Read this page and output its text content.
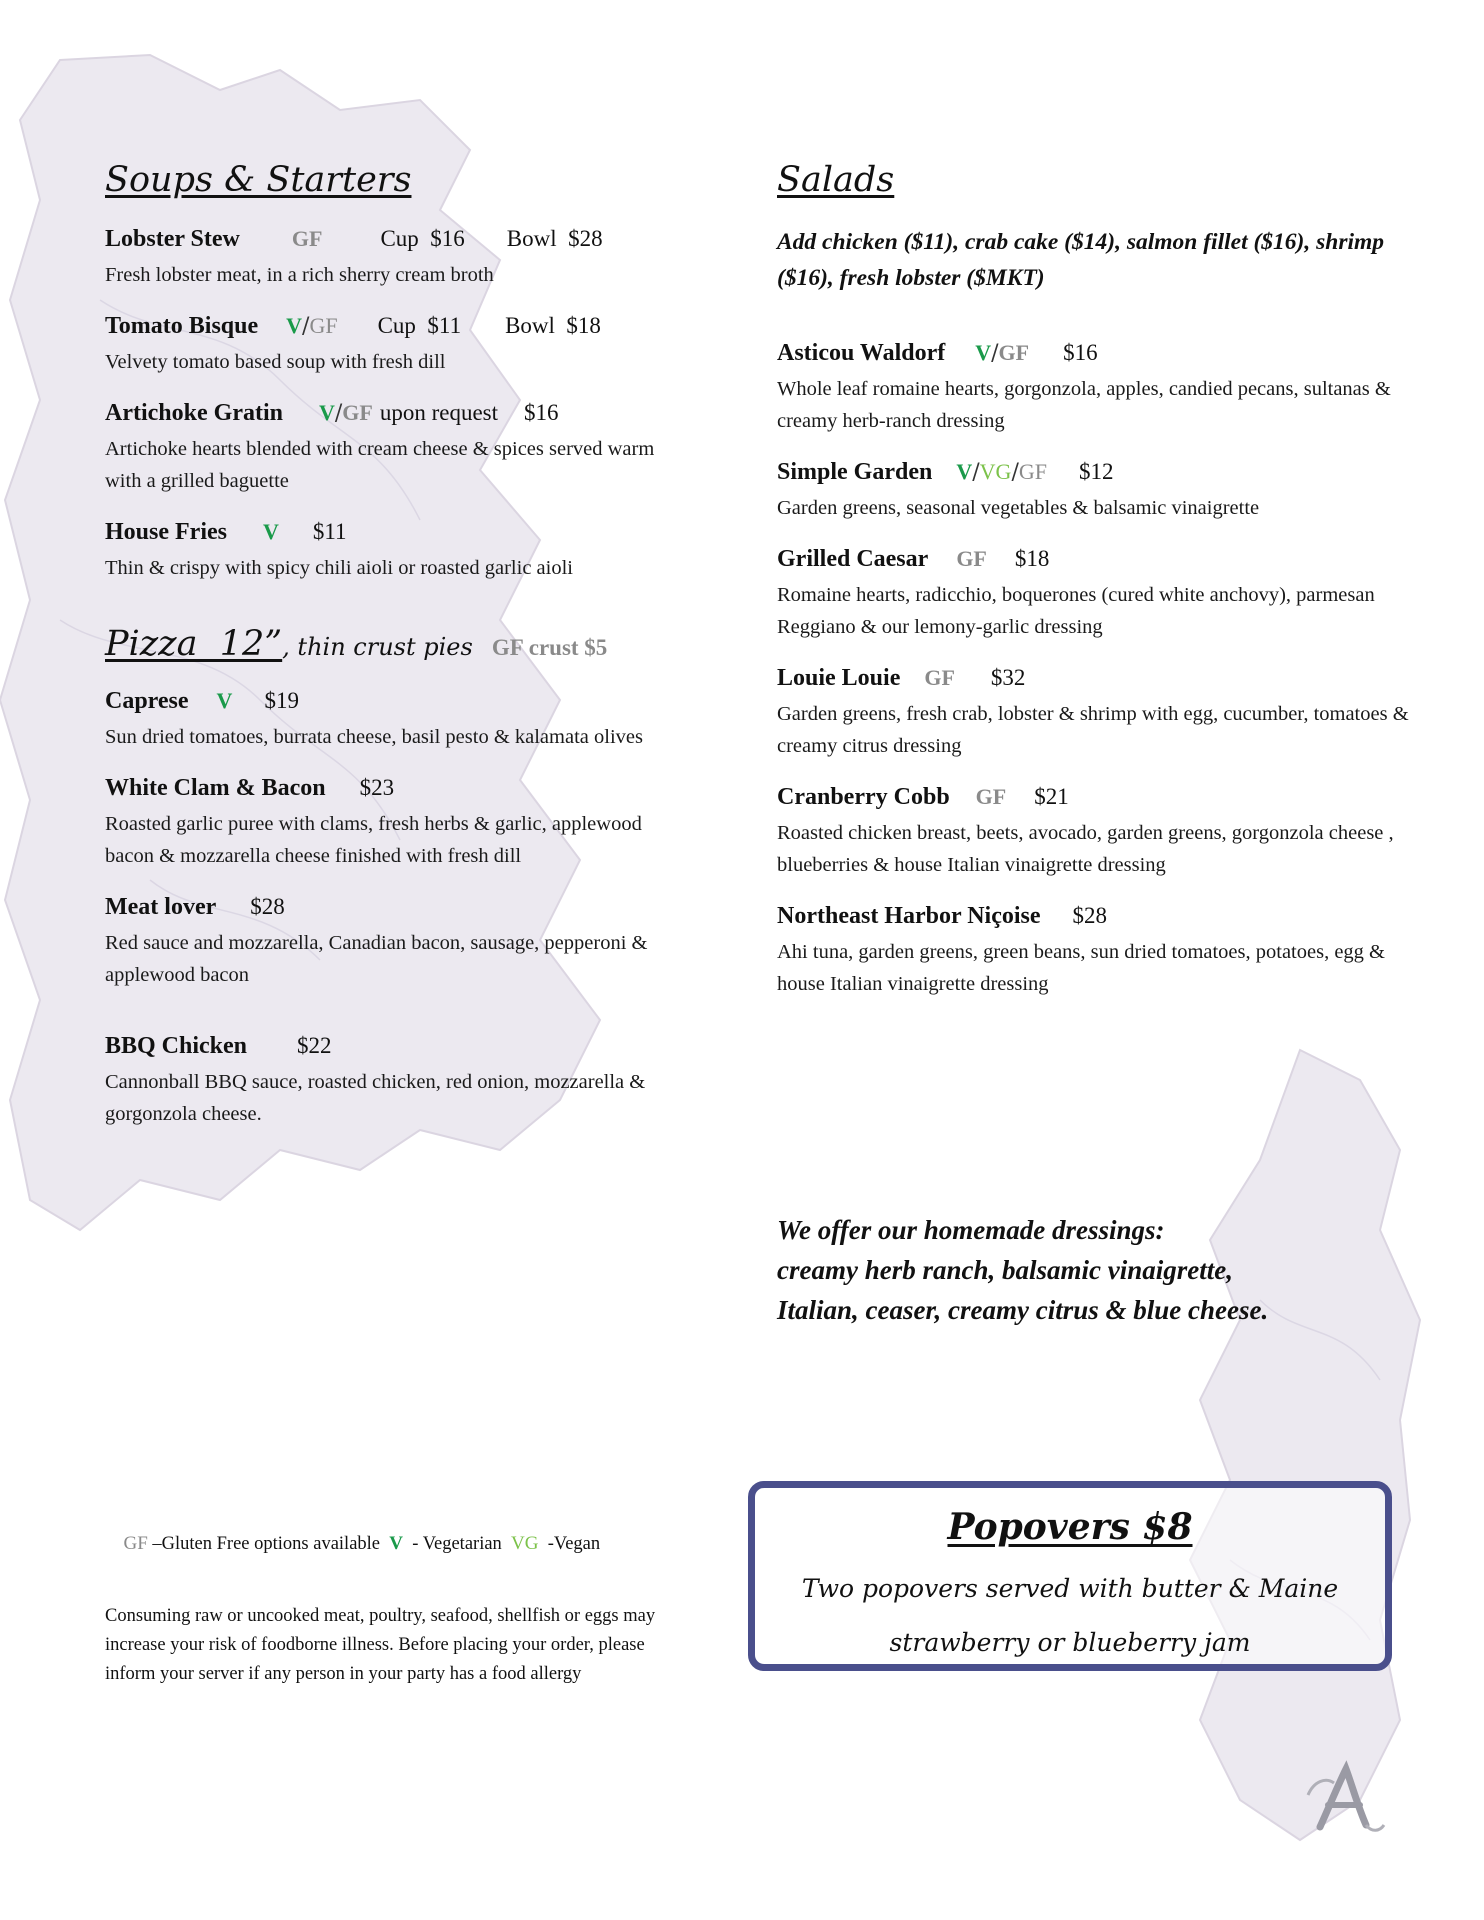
Soups & Starters
Lobster Stew GF	Cup  $16 Bowl  $28
Fresh lobster meat, in a rich sherry cream broth
Tomato Bisque V/GF Cup  $11 Bowl  $18
Velvety tomato based soup with fresh dill
Artichoke Gratin V/GF upon request $16
Artichoke hearts blended with cream cheese & spices served warm with a grilled baguette
House Fries V $11
Thin & crispy with spicy chili aioli or roasted garlic aioli
Pizza  12”, thin crust pies GF crust $5
Caprese V $19
Sun dried tomatoes, burrata cheese, basil pesto & kalamata olives
White Clam & Bacon $23
Roasted garlic puree with clams, fresh herbs & garlic, applewood bacon & mozzarella cheese finished with fresh dill
Meat lover $28
Red sauce and mozzarella, Canadian bacon, sausage, pepperoni & applewood bacon
BBQ Chicken $22
Cannonball BBQ sauce, roasted chicken, red onion, mozzarella & gorgonzola cheese.
Salads
Add chicken ($11), crab cake ($14), salmon fillet ($16), shrimp ($16), fresh lobster ($MKT)
Asticou Waldorf V/GF $16
Whole leaf romaine hearts, gorgonzola, apples, candied pecans, sultanas & creamy herb-ranch dressing
Simple Garden V/VG/GF $12
Garden greens, seasonal vegetables & balsamic vinaigrette
Grilled Caesar GF $18
Romaine hearts, radicchio, boquerones (cured white anchovy), parmesan Reggiano & our lemony-garlic dressing
Louie Louie GF $32
Garden greens, fresh crab, lobster & shrimp with egg, cucumber, tomatoes & creamy citrus dressing
Cranberry Cobb GF $21
Roasted chicken breast, beets, avocado, garden greens, gorgonzola cheese , blueberries & house Italian vinaigrette dressing
Northeast Harbor Niçoise $28
Ahi tuna, garden greens, green beans, sun dried tomatoes, potatoes, egg & house Italian vinaigrette dressing
We offer our homemade dressings:
creamy herb ranch, balsamic vinaigrette,
Italian, ceaser, creamy citrus & blue cheese.

GF –Gluten Free options available  V  - Vegetarian  VG  -Vegan

Consuming raw or uncooked meat, poultry, seafood, shellfish or eggs may increase your risk of foodborne illness. Before placing your order, please inform your server if any person in your party has a food allergy
Popovers $8
Two popovers served with butter & Maine strawberry or blueberry jam
